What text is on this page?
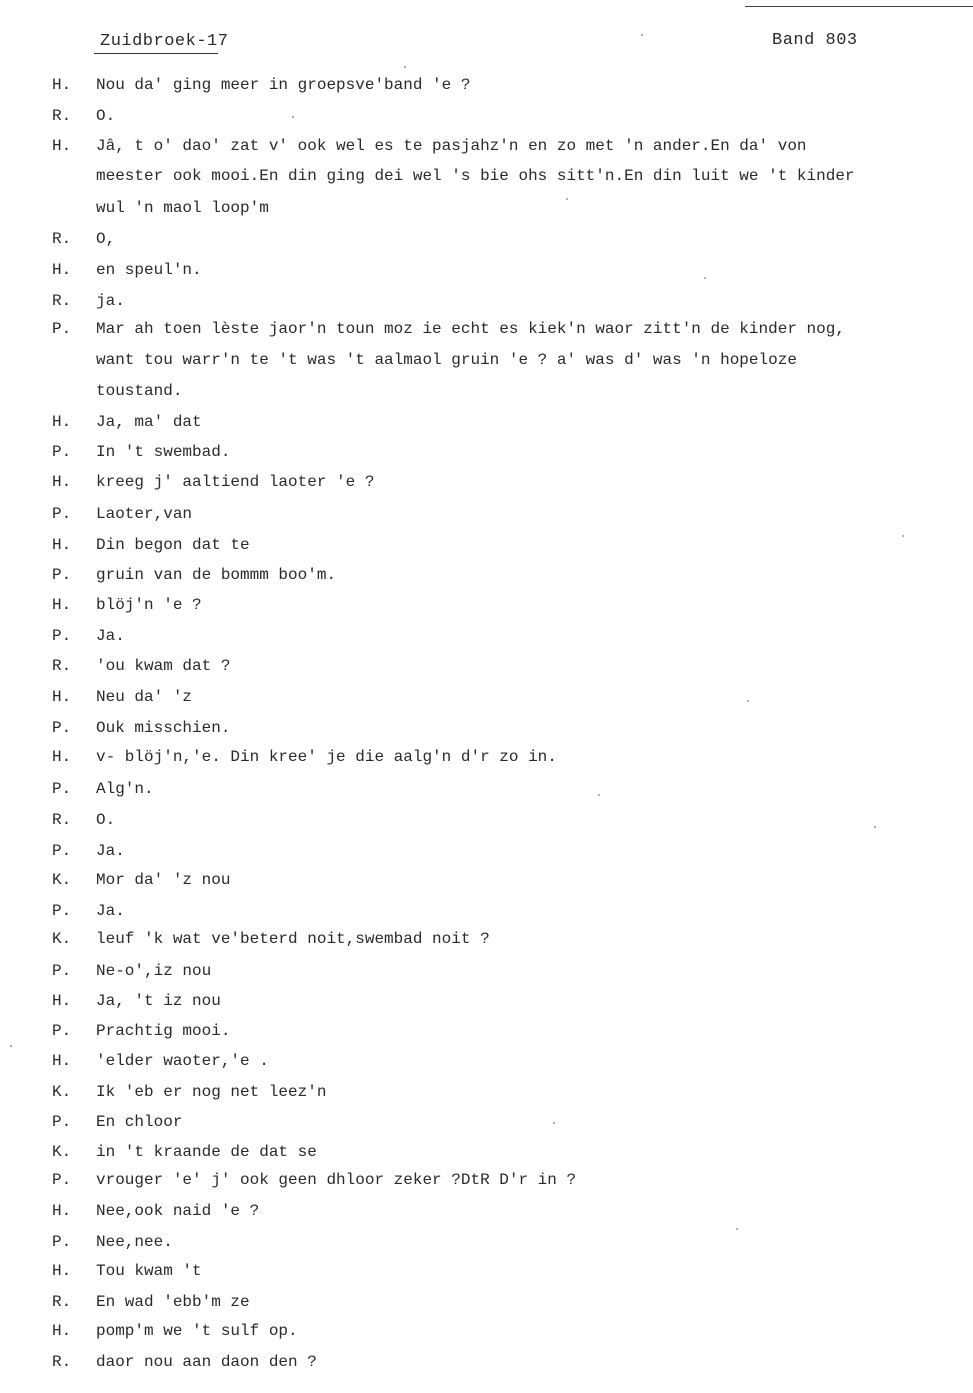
Zuidbroek-17	Band 803
H.	Nou da' ging meer in groepsve'band 'e ?
R.	O.
H.	Jâ, t o' dao' zat v' ook wel es te pasjahz'n en zo met 'n ander.En da' von
meester ook mooi.En din ging dei wel 's bie ohs sitt'n.En din luit we 't kinder
wul 'n maol loop'm
R.	O,
H.	en speul'n.
R.	ja.
P.	Mar ah toen lèste jaor'n toun moz ie echt es kiek'n waor zitt'n de kinder nog,
want tou warr'n te 't was 't aalmaol gruin 'e ? a' was d' was 'n hopeloze
toustand.
H.	Ja, ma' dat
P.	In 't swembad.
H.	kreeg j' aaltiend laoter 'e ?
P.	Laoter,van
H.	Din begon dat te
P.	gruin van de bommm boo'm.
H.	blöj'n 'e ?
P.	Ja.
R.	'ou kwam dat ?
H.	Neu da' 'z
P.	Ouk misschien.
H.	v- blöj'n,'e. Din kree' je die aalg'n d'r zo in.
P.	Alg'n.
R.	O.
P.	Ja.
K.	Mor da' 'z nou
P.	Ja.
K.	leuf 'k wat ve'beterd noit,swembad noit ?
P.	Ne-o',iz nou
H.	Ja, 't iz nou
P.	Prachtig mooi.
H.	'elder waoter,'e .
K.	Ik 'eb er nog net leez'n
P.	En chloor
K.	in 't kraande de dat se
P.	vrouger 'e' j' ook geen dhloor zeker ?DtR D'r in ?
H.	Nee,ook naid 'e ?
P.	Nee,nee.
H.	Tou kwam 't
R.	En wad 'ebb'm ze
H.	pomp'm we 't sulf op.
R.	daor nou aan daon den ?
